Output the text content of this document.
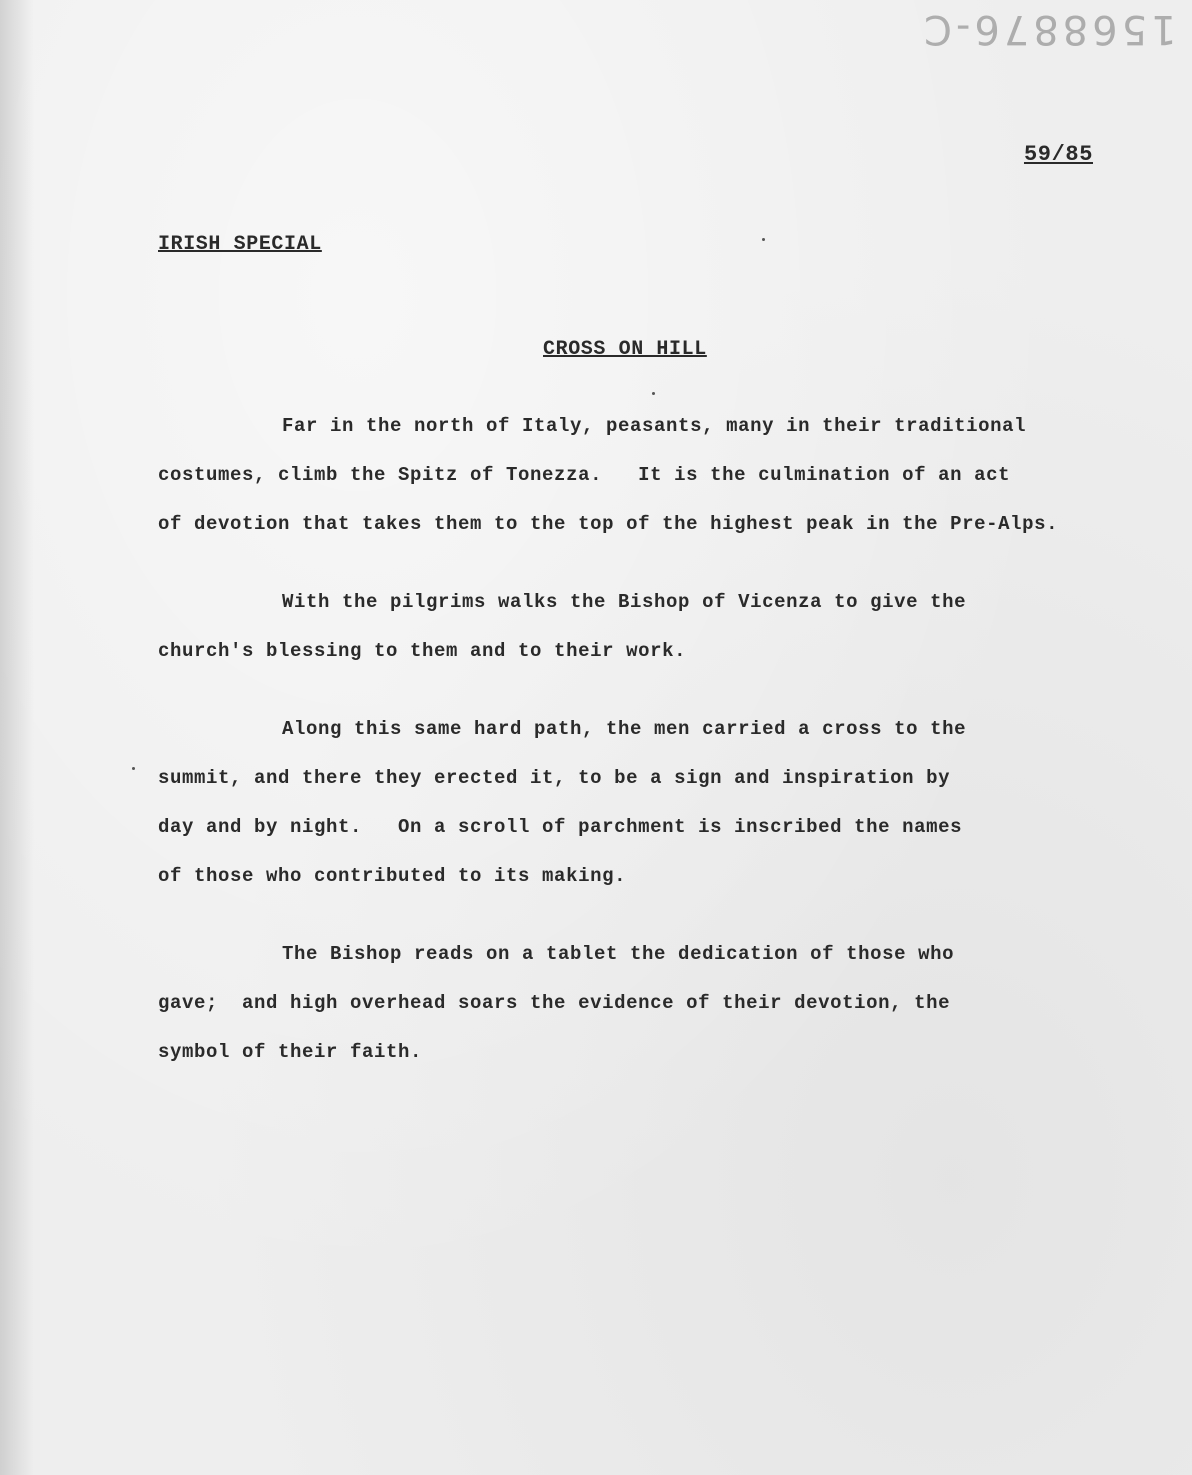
1568876-C
59/85
IRISH SPECIAL
CROSS ON HILL

Far in the north of Italy, peasants, many in their traditional
costumes, climb the Spitz of Tonezza.   It is the culmination of an act
of devotion that takes them to the top of the highest peak in the Pre-Alps.

With the pilgrims walks the Bishop of Vicenza to give the
church's blessing to them and to their work.

Along this same hard path, the men carried a cross to the
summit, and there they erected it, to be a sign and inspiration by
day and by night.   On a scroll of parchment is inscribed the names
of those who contributed to its making.

The Bishop reads on a tablet the dedication of those who
gave;  and high overhead soars the evidence of their devotion, the
symbol of their faith.
